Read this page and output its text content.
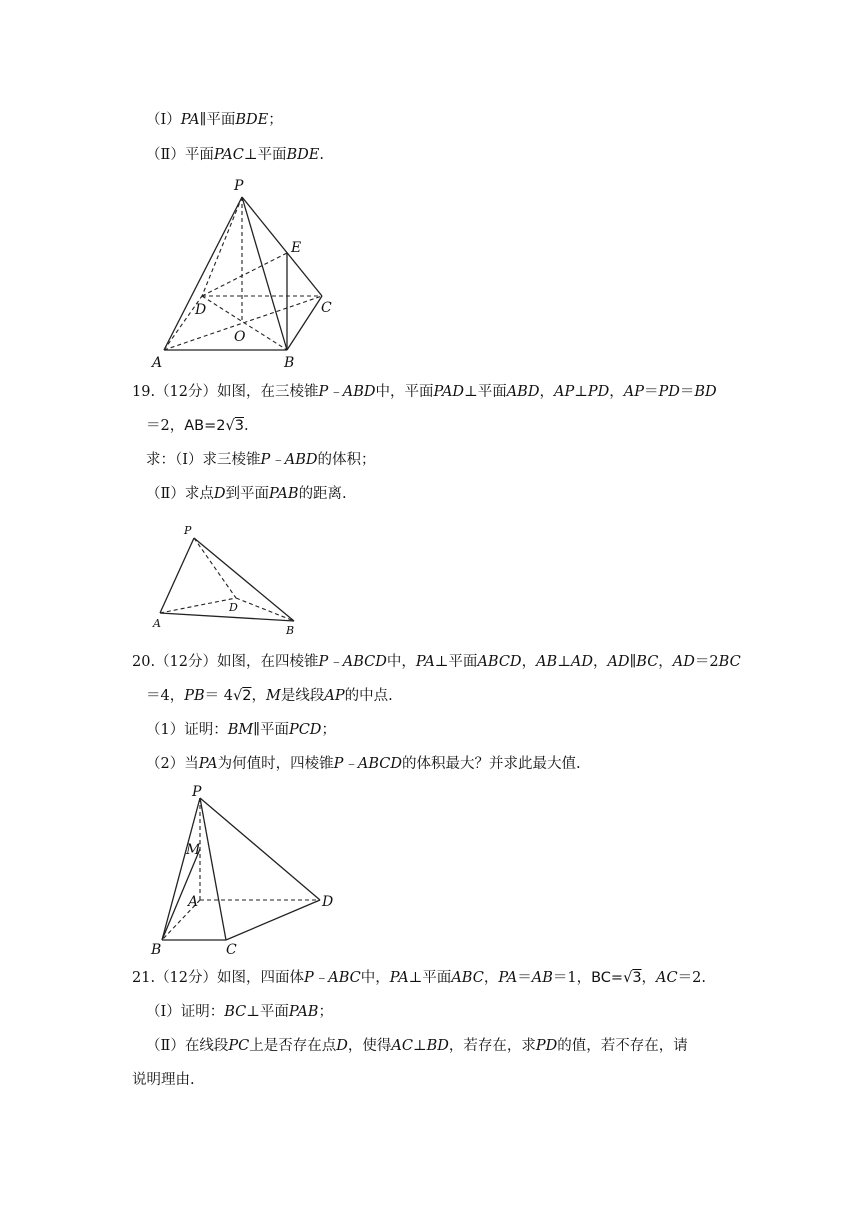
（Ⅰ）PA∥平面BDE；
（Ⅱ）平面PAC⊥平面BDE.
P
E
D	C
O
A	B
19.（12分）如图，在三棱锥P﹣ABD中，平面PAD⊥平面ABD，AP⊥PD，AP＝PD＝BD
＝2，AB=2√3.
求：（Ⅰ）求三棱锥P﹣ABD的体积；
（Ⅱ）求点D到平面PAB的距离.
P
D
A
B
20.（12分）如图，在四棱锥P﹣ABCD中，PA⊥平面ABCD，AB⊥AD，AD∥BC，AD＝2BC
＝4，PB＝ 4√2，M是线段AP的中点.
（1）证明：BM∥平面PCD；
（2）当PA为何值时，四棱锥P﹣ABCD的体积最大？并求此最大值.
P
M
A	D
B	C
21.（12分）如图，四面体P﹣ABC中，PA⊥平面ABC，PA＝AB＝1，BC=√3，AC＝2.
（Ⅰ）证明：BC⊥平面PAB；
（Ⅱ）在线段PC上是否存在点D，使得AC⊥BD，若存在，求PD的值，若不存在，请
说明理由.
